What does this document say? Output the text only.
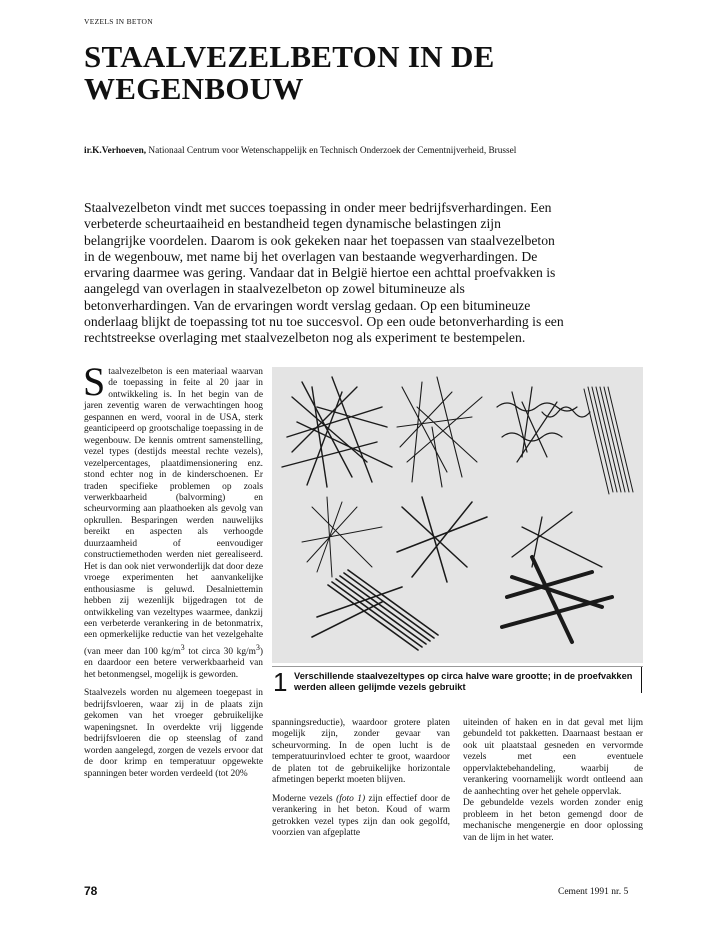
VEZELS IN BETON
STAALVEZELBETON IN DE
WEGENBOUW
ir.K.Verhoeven, Nationaal Centrum voor Wetenschappelijk en Technisch Onderzoek der Cementnijverheid, Brussel
Staalvezelbeton vindt met succes toepassing in onder meer bedrijfsverhardingen. Een verbeterde scheurtaaiheid en bestandheid tegen dynamische belastingen zijn belangrijke voordelen. Daarom is ook gekeken naar het toepassen van staalvezelbeton in de wegenbouw, met name bij het overlagen van bestaande wegverhardingen. De ervaring daarmee was gering. Vandaar dat in België hiertoe een achttal proefvakken is aangelegd van overlagen in staalvezelbeton op zowel bitumineuze als betonverhardingen. Van de ervaringen wordt verslag gedaan. Op een bitumineuze onderlaag blijkt de toepassing tot nu toe succesvol. Op een oude betonverharding is een rechtstreekse overlaging met staalvezelbeton nog als experiment te bestempelen.

Staalvezelbeton is een materiaal waarvan de toepassing in feite al 20 jaar in ontwikkeling is. In het begin van de jaren zeventig waren de verwachtingen hoog gespannen en werd, vooral in de USA, sterk geanticipeerd op grootschalige toepassing in de wegenbouw. De kennis omtrent samenstelling, vezel types (destijds meestal rechte vezels), vezelpercentages, plaatdimensionering enz. stond echter nog in de kinderschoenen. Er traden specifieke problemen op zoals verwerkbaarheid (balvorming) en scheurvorming aan plaathoeken als gevolg van opkrullen. Besparingen werden nauwelijks bereikt en aspecten als verhoogde duurzaamheid of eenvoudiger constructiemethoden werden niet gerealiseerd. Het is dan ook niet verwonderlijk dat door deze vroege experimenten het aanvankelijke enthousiasme is geluwd. Desalniettemin hebben zij wezenlijk bijgedragen tot de ontwikkeling van vezeltypes waarmee, dankzij een verbeterde verankering in de betonmatrix, een opmerkelijke reductie van het vezelgehalte (van meer dan 100 $kg/m^3$ tot circa 30 $kg/m^3$) en daardoor een betere verwerkbaarheid van het betonmengsel, mogelijk is geworden.

Staalvezels worden nu algemeen toegepast in bedrijfsvloeren, waar zij in de plaats zijn gekomen van het vroeger gebruikelijke wapeningsnet. In overdekte vrij liggende bedrijfsvloeren die op steenslag of zand worden aangelegd, zorgen de vezels ervoor dat de door krimp en temperatuur opgewekte spanningen beter worden verdeeld (tot 20%

1 Verschillende staalvezeltypes op circa halve ware grootte; in de proefvakken werden alleen gelijmde vezels gebruikt

spanningsreductie), waardoor grotere platen mogelijk zijn, zonder gevaar van scheurvorming. In de open lucht is de temperatuurinvloed echter te groot, waardoor de platen tot de gebruikelijke horizontale afmetingen beperkt moeten blijven.

Moderne vezels (foto 1) zijn effectief door de verankering in het beton. Koud of warm getrokken vezel types zijn dan ook gegolfd, voorzien van afgeplatte

uiteinden of haken en in dat geval met lijm gebundeld tot pakketten. Daarnaast bestaan er ook uit plaatstaal gesneden en vervormde vezels met een eventuele oppervlaktebehandeling, waarbij de verankering voornamelijk wordt ontleend aan de aanhechting over het gehele oppervlak.

De gebundelde vezels worden zonder enig probleem in het beton gemengd door de mechanische mengenergie en door oplossing van de lijm in het water.

78	Cement 1991 nr. 5
